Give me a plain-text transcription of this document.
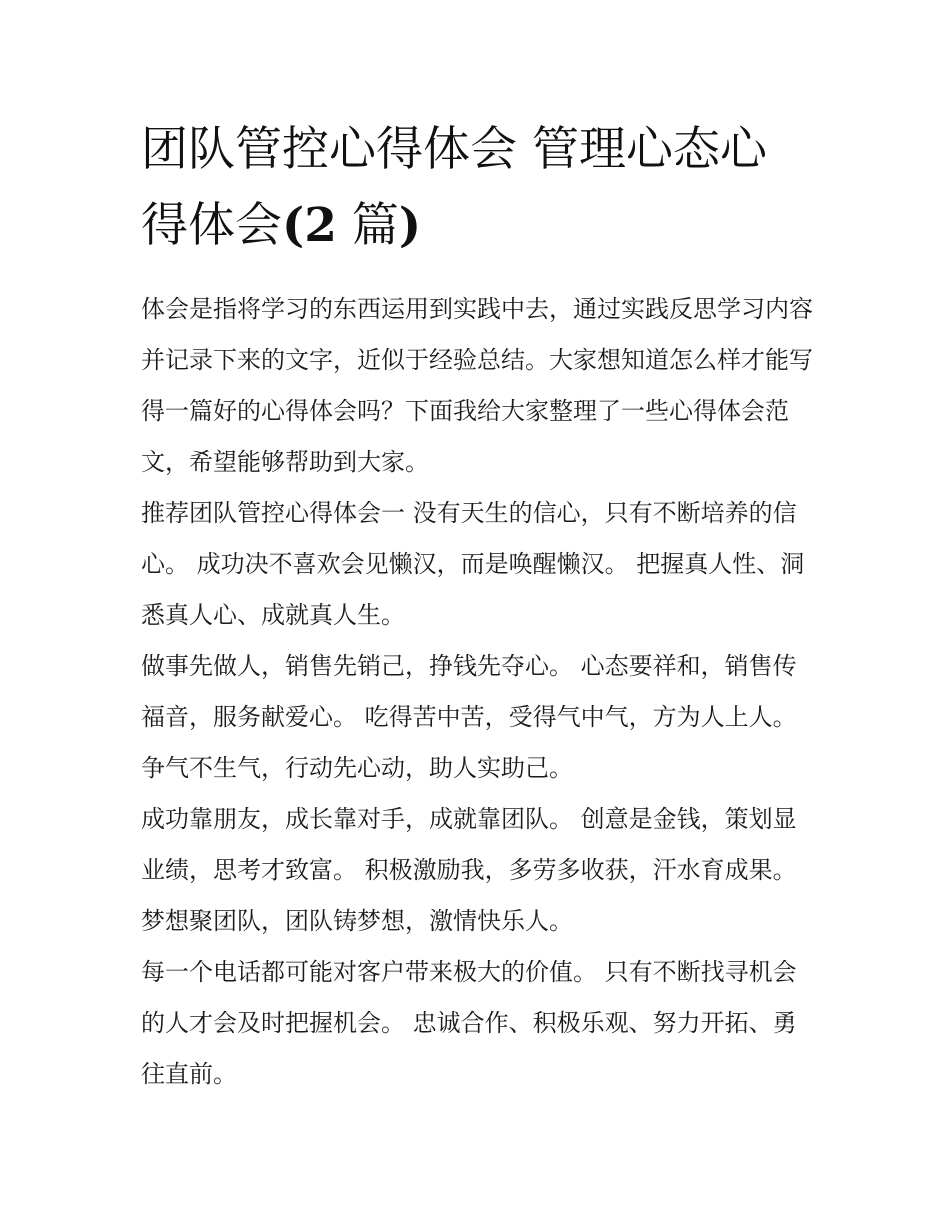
团队管控心得体会 管理心态心
得体会(2 篇)

体会是指将学习的东西运用到实践中去，通过实践反思学习内容并记录下来的文字，近似于经验总结。大家想知道怎么样才能写得一篇好的心得体会吗？下面我给大家整理了一些心得体会范文，希望能够帮助到大家。

推荐团队管控心得体会一 没有天生的信心，只有不断培养的信心。 成功决不喜欢会见懒汉，而是唤醒懒汉。 把握真人性、洞悉真人心、成就真人生。

做事先做人，销售先销己，挣钱先夺心。 心态要祥和，销售传福音，服务献爱心。 吃得苦中苦，受得气中气，方为人上人。 争气不生气，行动先心动，助人实助己。

成功靠朋友，成长靠对手，成就靠团队。 创意是金钱，策划显业绩，思考才致富。 积极激励我，多劳多收获，汗水育成果。 梦想聚团队，团队铸梦想，激情快乐人。

每一个电话都可能对客户带来极大的价值。 只有不断找寻机会的人才会及时把握机会。 忠诚合作、积极乐观、努力开拓、勇往直前。
